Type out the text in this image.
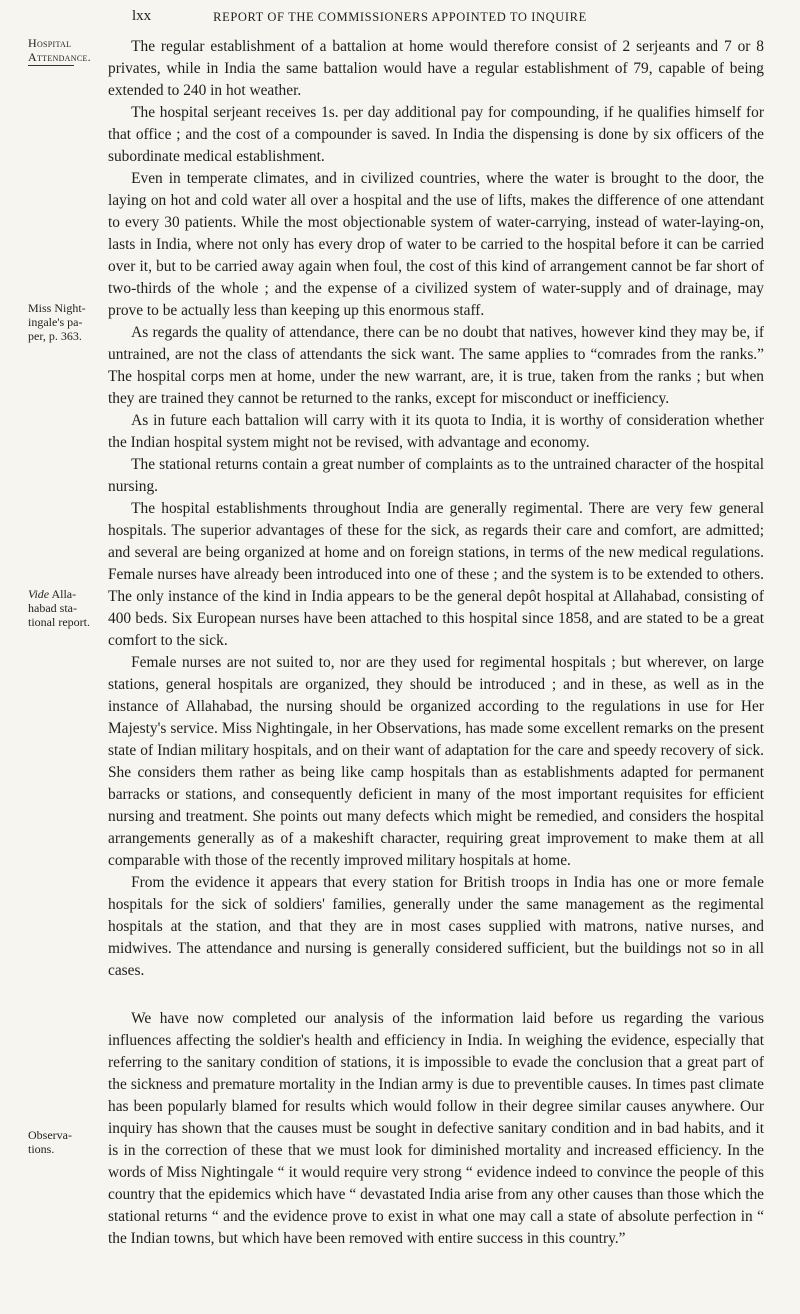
lxx	REPORT OF THE COMMISSIONERS APPOINTED TO INQUIRE
Hospital
Attendance.
Miss Night-
ingale's pa-
per, p. 363.
Vide Alla-
habad sta-
tional report.
Observa-
tions.

The regular establishment of a battalion at home would therefore consist of 2 serjeants and 7 or 8 privates, while in India the same battalion would have a regular establishment of 79, capable of being extended to 240 in hot weather.

The hospital serjeant receives 1s. per day additional pay for compounding, if he qualifies himself for that office ; and the cost of a compounder is saved. In India the dispensing is done by six officers of the subordinate medical establishment.

Even in temperate climates, and in civilized countries, where the water is brought to the door, the laying on hot and cold water all over a hospital and the use of lifts, makes the difference of one attendant to every 30 patients. While the most objectionable system of water-carrying, instead of water-laying-on, lasts in India, where not only has every drop of water to be carried to the hospital before it can be carried over it, but to be carried away again when foul, the cost of this kind of arrangement cannot be far short of two-thirds of the whole ; and the expense of a civilized system of water-supply and of drainage, may prove to be actually less than keeping up this enormous staff.

As regards the quality of attendance, there can be no doubt that natives, however kind they may be, if untrained, are not the class of attendants the sick want. The same applies to “comrades from the ranks.” The hospital corps men at home, under the new warrant, are, it is true, taken from the ranks ; but when they are trained they cannot be returned to the ranks, except for misconduct or inefficiency.

As in future each battalion will carry with it its quota to India, it is worthy of consideration whether the Indian hospital system might not be revised, with advantage and economy.

The stational returns contain a great number of complaints as to the untrained character of the hospital nursing.

The hospital establishments throughout India are generally regimental. There are very few general hospitals. The superior advantages of these for the sick, as regards their care and comfort, are admitted; and several are being organized at home and on foreign stations, in terms of the new medical regulations. Female nurses have already been introduced into one of these ; and the system is to be extended to others. The only instance of the kind in India appears to be the general depôt hospital at Allahabad, consisting of 400 beds. Six European nurses have been attached to this hospital since 1858, and are stated to be a great comfort to the sick.

Female nurses are not suited to, nor are they used for regimental hospitals ; but wherever, on large stations, general hospitals are organized, they should be introduced ; and in these, as well as in the instance of Allahabad, the nursing should be organized according to the regulations in use for Her Majesty's service. Miss Nightingale, in her Observations, has made some excellent remarks on the present state of Indian military hospitals, and on their want of adaptation for the care and speedy recovery of sick. She considers them rather as being like camp hospitals than as establishments adapted for permanent barracks or stations, and consequently deficient in many of the most important requisites for efficient nursing and treatment. She points out many defects which might be remedied, and considers the hospital arrangements generally as of a makeshift character, requiring great improvement to make them at all comparable with those of the recently improved military hospitals at home.

From the evidence it appears that every station for British troops in India has one or more female hospitals for the sick of soldiers' families, generally under the same management as the regimental hospitals at the station, and that they are in most cases supplied with matrons, native nurses, and midwives. The attendance and nursing is generally considered sufficient, but the buildings not so in all cases.

We have now completed our analysis of the information laid before us regarding the various influences affecting the soldier's health and efficiency in India. In weighing the evidence, especially that referring to the sanitary condition of stations, it is impossible to evade the conclusion that a great part of the sickness and premature mortality in the Indian army is due to preventible causes. In times past climate has been popularly blamed for results which would follow in their degree similar causes anywhere. Our inquiry has shown that the causes must be sought in defective sanitary condition and in bad habits, and it is in the correction of these that we must look for diminished mortality and increased efficiency. In the words of Miss Nightingale “ it would require very strong “ evidence indeed to convince the people of this country that the epidemics which have “ devastated India arise from any other causes than those which the stational returns “ and the evidence prove to exist in what one may call a state of absolute perfection in “ the Indian towns, but which have been removed with entire success in this country.”
